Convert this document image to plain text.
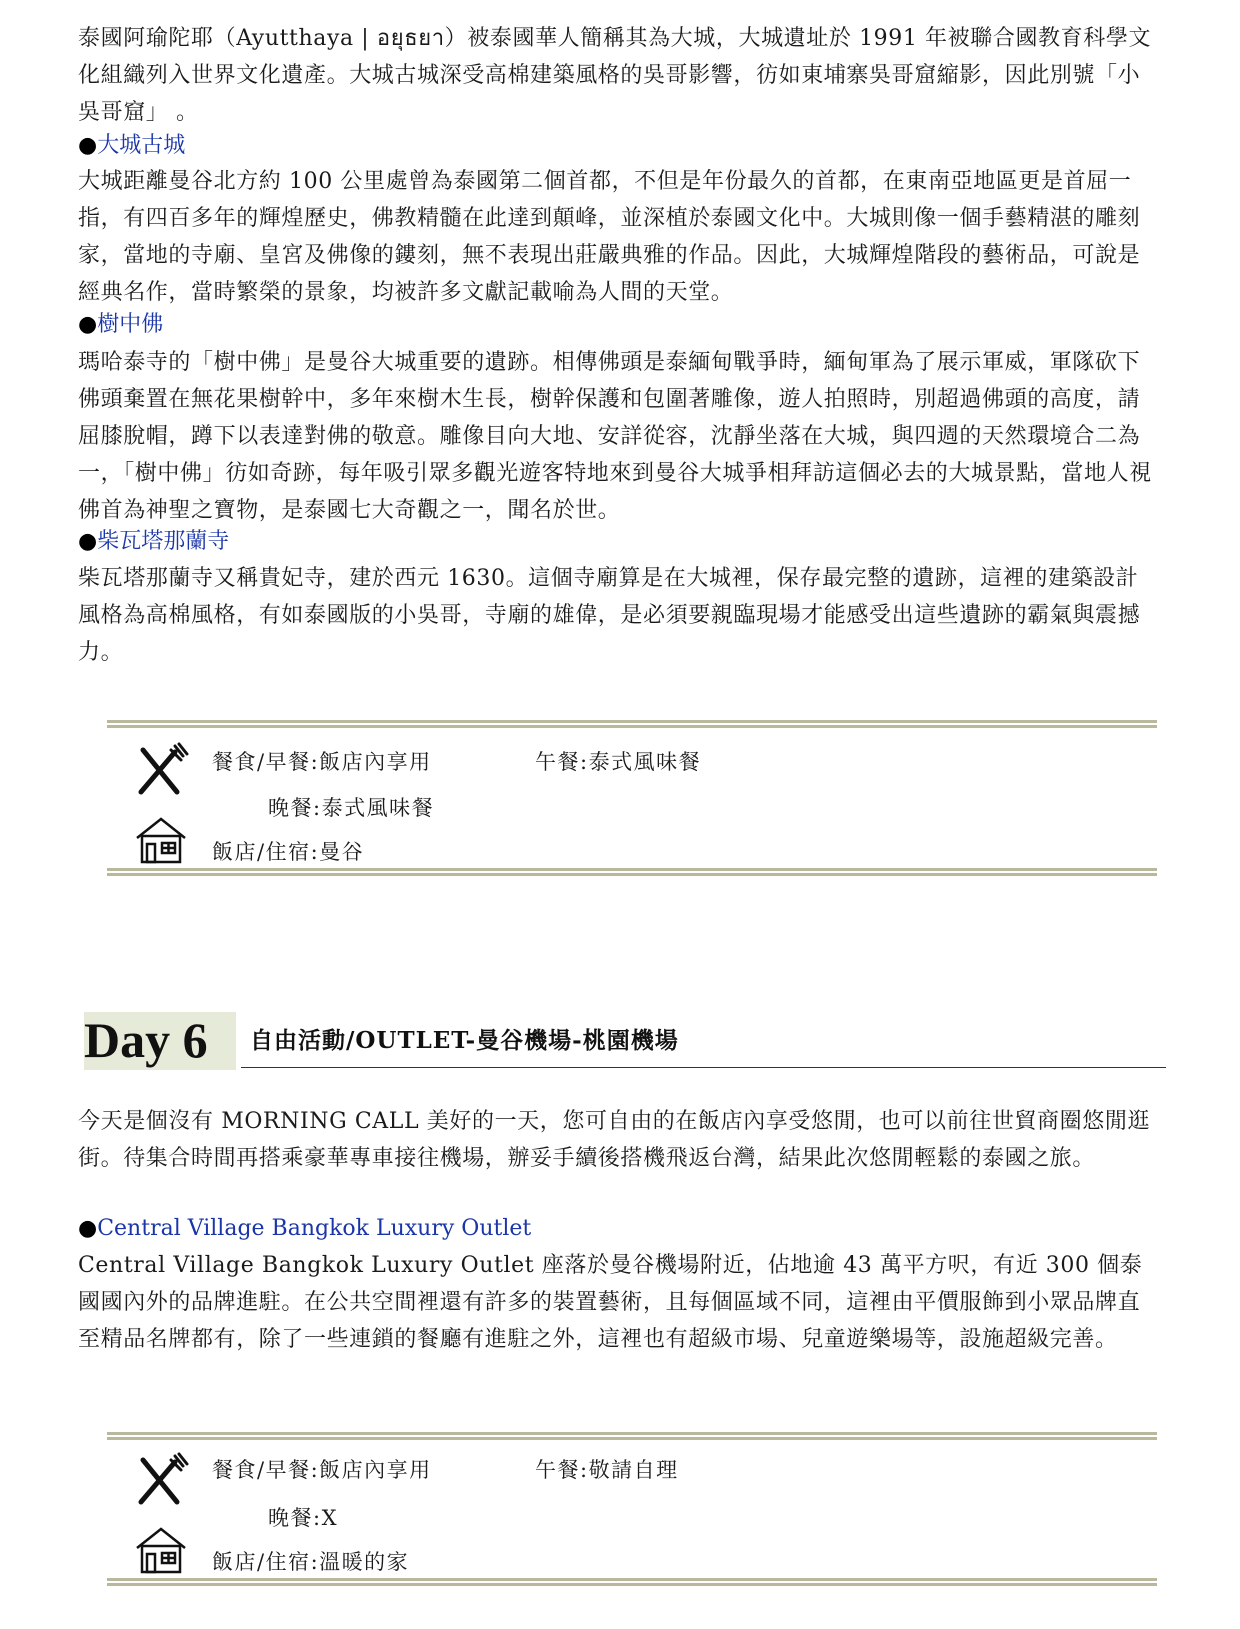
泰國阿瑜陀耶（Ayutthaya | อยุธยา）被泰國華人簡稱其為大城，大城遺址於 1991 年被聯合國教育科學文化組織列入世界文化遺產。大城古城深受高棉建築風格的吳哥影響，彷如東埔寨吳哥窟縮影，因此別號「小吳哥窟」 。

●大城古城

大城距離曼谷北方約 100 公里處曾為泰國第二個首都，不但是年份最久的首都，在東南亞地區更是首屈一指，有四百多年的輝煌歷史，佛教精髓在此達到顛峰，並深植於泰國文化中。大城則像一個手藝精湛的雕刻家，當地的寺廟、皇宮及佛像的鏤刻，無不表現出莊嚴典雅的作品。因此，大城輝煌階段的藝術品，可說是經典名作，當時繁榮的景象，均被許多文獻記載喻為人間的天堂。

●樹中佛

瑪哈泰寺的「樹中佛」是曼谷大城重要的遺跡。相傳佛頭是泰緬甸戰爭時，緬甸軍為了展示軍威，軍隊砍下佛頭棄置在無花果樹幹中，多年來樹木生長，樹幹保護和包圍著雕像，遊人拍照時，別超過佛頭的高度，請屈膝脫帽，蹲下以表達對佛的敬意。雕像目向大地、安詳從容，沈靜坐落在大城，與四週的天然環境合二為一，「樹中佛」彷如奇跡，每年吸引眾多觀光遊客特地來到曼谷大城爭相拜訪這個必去的大城景點，當地人視佛首為神聖之寶物，是泰國七大奇觀之一，聞名於世。

●柴瓦塔那蘭寺

柴瓦塔那蘭寺又稱貴妃寺，建於西元 1630。這個寺廟算是在大城裡，保存最完整的遺跡，這裡的建築設計風格為高棉風格，有如泰國版的小吳哥，寺廟的雄偉，是必須要親臨現場才能感受出這些遺跡的霸氣與震撼力。

餐食/早餐:飯店內享用	午餐:泰式風味餐
晚餐:泰式風味餐
飯店/住宿:曼谷
Day 6 自由活動/OUTLET-曼谷機場-桃園機場

今天是個沒有 MORNING CALL 美好的一天，您可自由的在飯店內享受悠閒，也可以前往世貿商圈悠閒逛街。待集合時間再搭乘豪華專車接往機場，辦妥手續後搭機飛返台灣，結果此次悠閒輕鬆的泰國之旅。

●Central Village Bangkok Luxury Outlet

Central Village Bangkok Luxury Outlet 座落於曼谷機場附近，佔地逾 43 萬平方呎，有近 300 個泰國國內外的品牌進駐。在公共空間裡還有許多的裝置藝術，且每個區域不同，這裡由平價服飾到小眾品牌直至精品名牌都有，除了一些連鎖的餐廳有進駐之外，這裡也有超級市場、兒童遊樂場等，設施超級完善。

餐食/早餐:飯店內享用	午餐:敬請自理
晚餐:X
飯店/住宿:溫暖的家
